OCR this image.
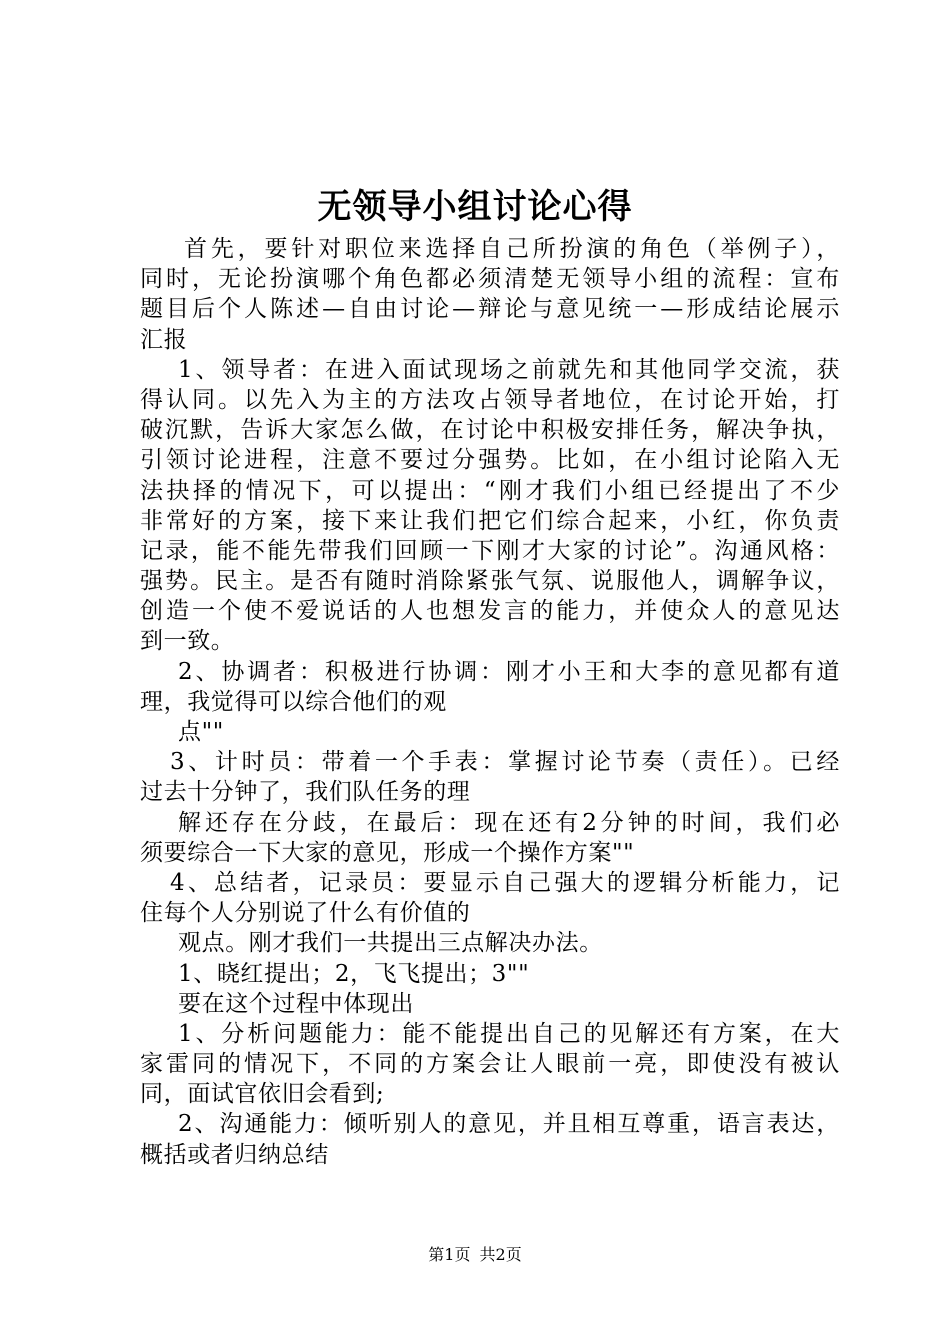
无领导小组讨论心得
首先，要针对职位来选择自己所扮演的角色（举例子），
同时，无论扮演哪个角色都必须清楚无领导小组的流程：宣布
题目后个人陈述—自由讨论—辩论与意见统一—形成结论展示
汇报
1、领导者：在进入面试现场之前就先和其他同学交流，获
得认同。以先入为主的方法攻占领导者地位，在讨论开始，打
破沉默，告诉大家怎么做，在讨论中积极安排任务，解决争执，
引领讨论进程，注意不要过分强势。比如，在小组讨论陷入无
法抉择的情况下，可以提出：“刚才我们小组已经提出了不少
非常好的方案，接下来让我们把它们综合起来，小红，你负责
记录，能不能先带我们回顾一下刚才大家的讨论”。沟通风格：
强势。民主。是否有随时消除紧张气氛、说服他人，调解争议，
创造一个使不爱说话的人也想发言的能力，并使众人的意见达
到一致。
2、协调者：积极进行协调：刚才小王和大李的意见都有道
理，我觉得可以综合他们的观
点""
3、计时员：带着一个手表：掌握讨论节奏（责任）。已经
过去十分钟了，我们队任务的理
解还存在分歧，在最后：现在还有2分钟的时间，我们必
须要综合一下大家的意见，形成一个操作方案""
4、总结者，记录员：要显示自己强大的逻辑分析能力，记
住每个人分别说了什么有价值的
观点。刚才我们一共提出三点解决办法。
1、晓红提出；2，飞飞提出；3""
要在这个过程中体现出
1、分析问题能力：能不能提出自己的见解还有方案，在大
家雷同的情况下，不同的方案会让人眼前一亮，即使没有被认
同，面试官依旧会看到;
2、沟通能力：倾听别人的意见，并且相互尊重，语言表达，
概括或者归纳总结
第1页 共2页
